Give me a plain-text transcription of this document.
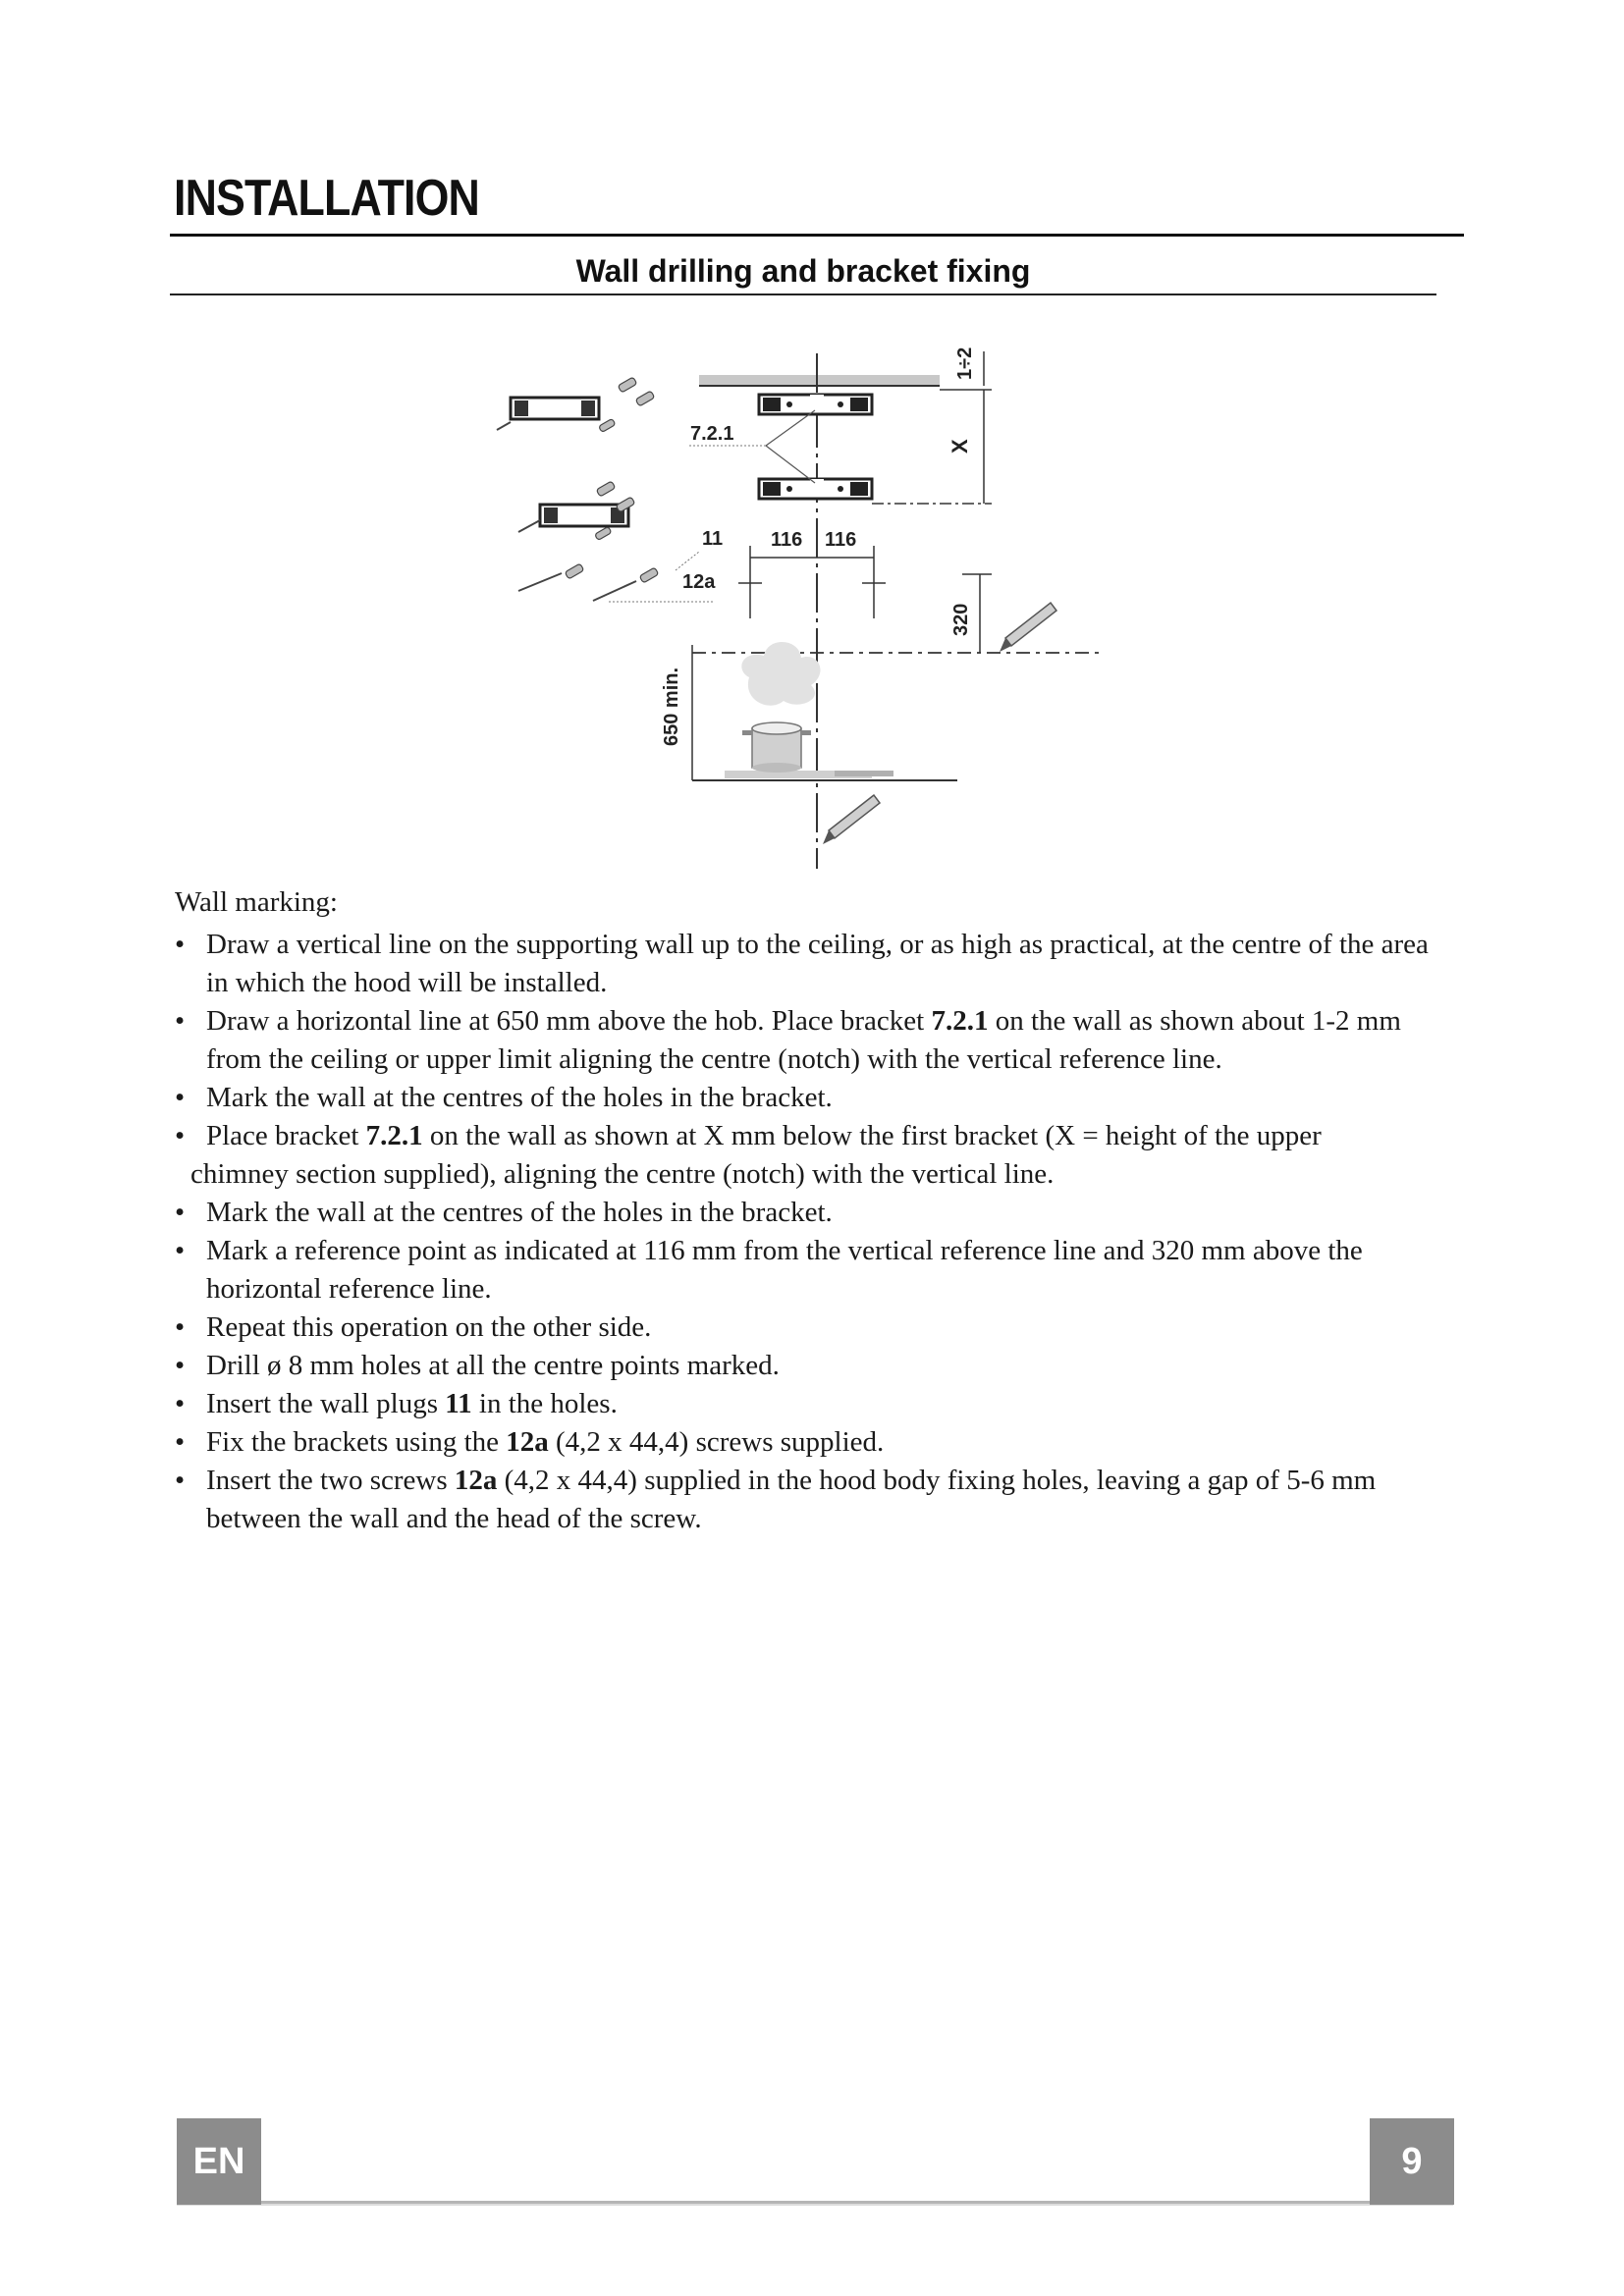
INSTALLATION
Wall drilling and bracket fixing
7.2.1
X
1÷2
116 116
11
12a
320
650 min.

Wall marking:

• Draw a vertical line on the supporting wall up to the ceiling, or as high as practical, at the centre of the area in which the hood will be installed.
• Draw a horizontal line at 650 mm above the hob. Place bracket 7.2.1 on the wall as shown about 1-2 mm from the ceiling or upper limit aligning the centre (notch) with the vertical reference line.
• Mark the wall at the centres of the holes in the bracket.
• Place bracket 7.2.1 on the wall as shown at X mm below the first bracket (X = height of the upper
chimney section supplied), aligning the centre (notch) with the vertical line.
• Mark the wall at the centres of the holes in the bracket.
• Mark a reference point as indicated at 116 mm from the vertical reference line and 320 mm above the horizontal reference line.
• Repeat this operation on the other side.
• Drill ø 8 mm holes at all the centre points marked.
• Insert the wall plugs 11 in the holes.
• Fix the brackets using the 12a (4,2 x 44,4) screws supplied.
• Insert the two screws 12a (4,2 x 44,4) supplied in the hood body fixing holes, leaving a gap of 5-6 mm between the wall and the head of the screw.
EN	9
